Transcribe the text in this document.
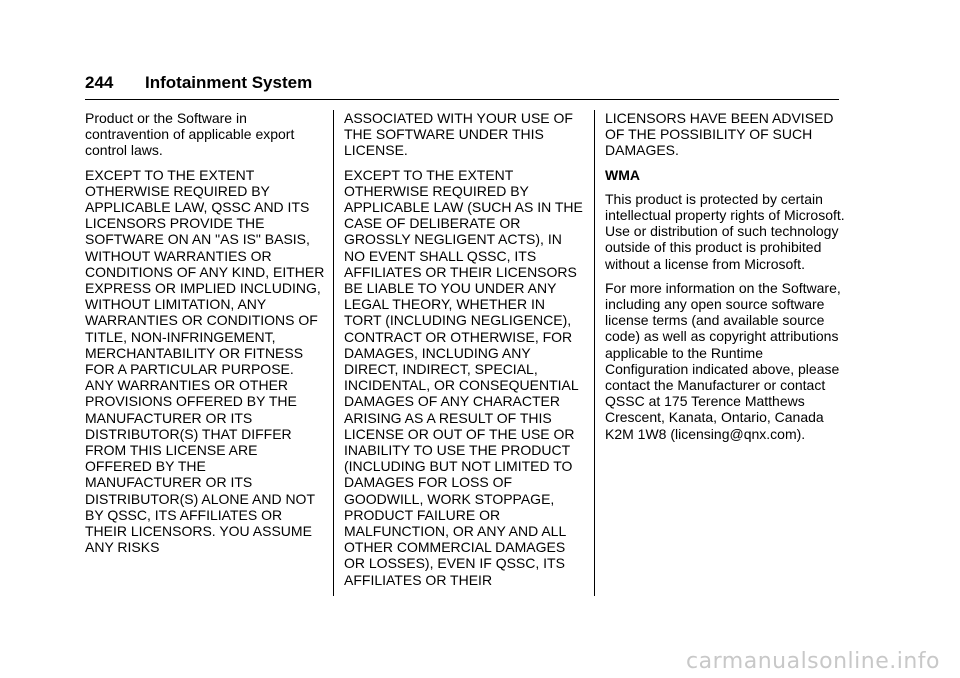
244 Infotainment System

Product or the Software in contravention of applicable export control laws.

EXCEPT TO THE EXTENT OTHERWISE REQUIRED BY APPLICABLE LAW, QSSC AND ITS LICENSORS PROVIDE THE SOFTWARE ON AN "AS IS" BASIS, WITHOUT WARRANTIES OR CONDITIONS OF ANY KIND, EITHER EXPRESS OR IMPLIED INCLUDING, WITHOUT LIMITATION, ANY WARRANTIES OR CONDITIONS OF TITLE, NON-INFRINGEMENT, MERCHANTABILITY OR FITNESS FOR A PARTICULAR PURPOSE. ANY WARRANTIES OR OTHER PROVISIONS OFFERED BY THE MANUFACTURER OR ITS DISTRIBUTOR(S) THAT DIFFER FROM THIS LICENSE ARE OFFERED BY THE MANUFACTURER OR ITS DISTRIBUTOR(S) ALONE AND NOT BY QSSC, ITS AFFILIATES OR THEIR LICENSORS. YOU ASSUME ANY RISKS

ASSOCIATED WITH YOUR USE OF THE SOFTWARE UNDER THIS LICENSE.

EXCEPT TO THE EXTENT OTHERWISE REQUIRED BY APPLICABLE LAW (SUCH AS IN THE CASE OF DELIBERATE OR GROSSLY NEGLIGENT ACTS), IN NO EVENT SHALL QSSC, ITS AFFILIATES OR THEIR LICENSORS BE LIABLE TO YOU UNDER ANY LEGAL THEORY, WHETHER IN TORT (INCLUDING NEGLIGENCE), CONTRACT OR OTHERWISE, FOR DAMAGES, INCLUDING ANY DIRECT, INDIRECT, SPECIAL, INCIDENTAL, OR CONSEQUENTIAL DAMAGES OF ANY CHARACTER ARISING AS A RESULT OF THIS LICENSE OR OUT OF THE USE OR INABILITY TO USE THE PRODUCT (INCLUDING BUT NOT LIMITED TO DAMAGES FOR LOSS OF GOODWILL, WORK STOPPAGE, PRODUCT FAILURE OR MALFUNCTION, OR ANY AND ALL OTHER COMMERCIAL DAMAGES OR LOSSES), EVEN IF QSSC, ITS AFFILIATES OR THEIR

LICENSORS HAVE BEEN ADVISED OF THE POSSIBILITY OF SUCH DAMAGES.

WMA

This product is protected by certain intellectual property rights of Microsoft. Use or distribution of such technology outside of this product is prohibited without a license from Microsoft.

For more information on the Software, including any open source software license terms (and available source code) as well as copyright attributions applicable to the Runtime Configuration indicated above, please contact the Manufacturer or contact QSSC at 175 Terence Matthews Crescent, Kanata, Ontario, Canada K2M 1W8 (licensing@qnx.com).

carmanualsonline.info
